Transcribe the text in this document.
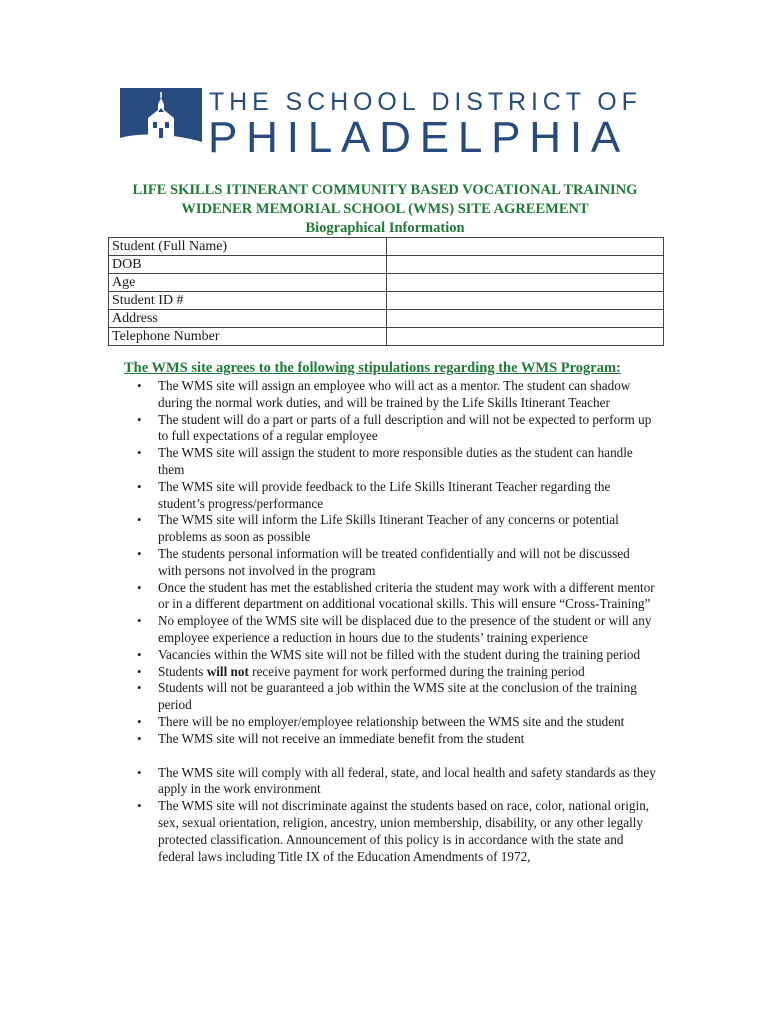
THE SCHOOL DISTRICT OF
PHILADELPHIA
LIFE SKILLS ITINERANT COMMUNITY BASED VOCATIONAL TRAINING
WIDENER MEMORIAL SCHOOL (WMS) SITE AGREEMENT
Biographical Information
Student (Full Name)	
DOB	
Age	
Student ID #	
Address	
Telephone Number	
The WMS site agrees to the following stipulations regarding the WMS Program:
• The WMS site will assign an employee who will act as a mentor. The student can shadow during the normal work duties, and will be trained by the Life Skills Itinerant Teacher
• The student will do a part or parts of a full description and will not be expected to perform up to full expectations of a regular employee
• The WMS site will assign the student to more responsible duties as the student can handle them
• The WMS site will provide feedback to the Life Skills Itinerant Teacher regarding the student’s progress/performance
• The WMS site will inform the Life Skills Itinerant Teacher of any concerns or potential problems as soon as possible
• The students personal information will be treated confidentially and will not be discussed with persons not involved in the program
• Once the student has met the established criteria the student may work with a different mentor or in a different department on additional vocational skills. This will ensure “Cross-Training”
• No employee of the WMS site will be displaced due to the presence of the student or will any employee experience a reduction in hours due to the students’ training experience
• Vacancies within the WMS site will not be filled with the student during the training period
• Students will not receive payment for work performed during the training period
• Students will not be guaranteed a job within the WMS site at the conclusion of the training period
• There will be no employer/employee relationship between the WMS site and the student
• The WMS site will not receive an immediate benefit from the student
• The WMS site will comply with all federal, state, and local health and safety standards as they apply in the work environment
• The WMS site will not discriminate against the students based on race, color, national origin, sex, sexual orientation, religion, ancestry, union membership, disability, or any other legally protected classification. Announcement of this policy is in accordance with the state and federal laws including Title IX of the Education Amendments of 1972,
